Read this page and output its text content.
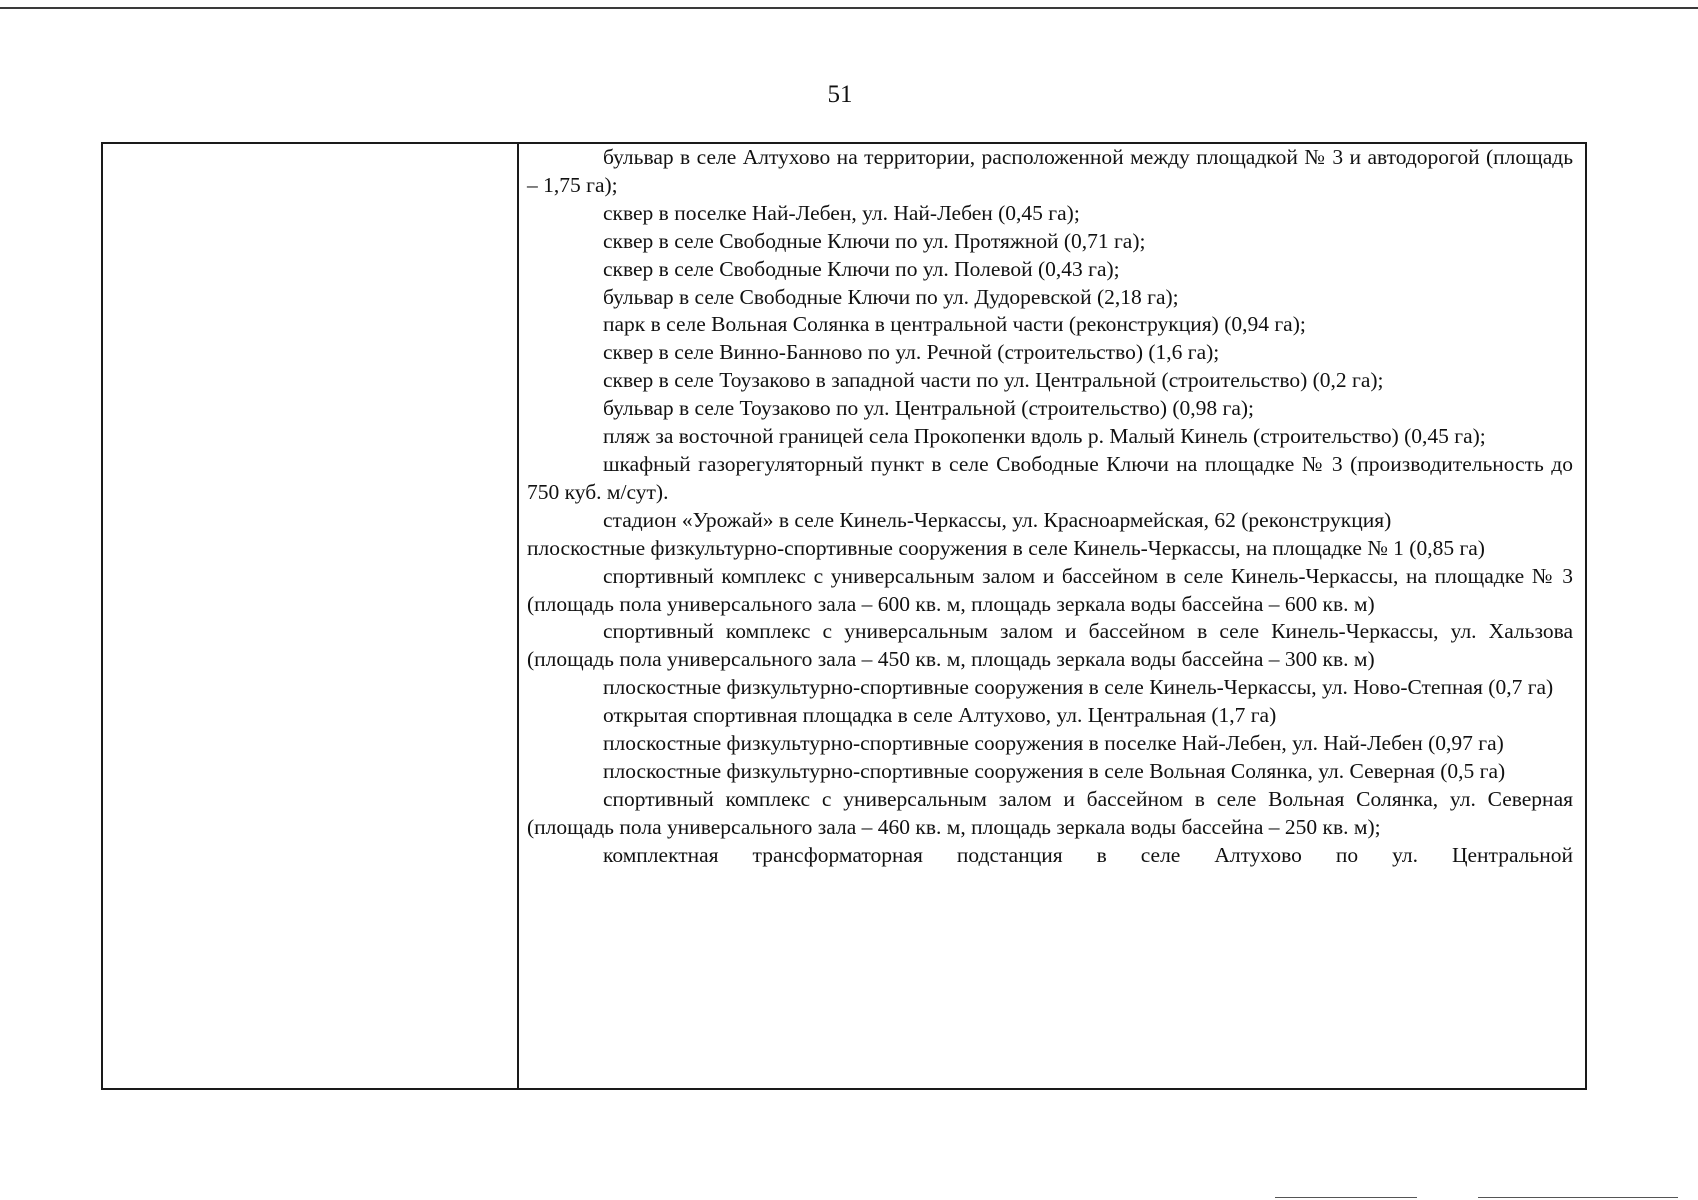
51

бульвар в селе Алтухово на территории, расположенной между площадкой № 3 и автодорогой (площадь – 1,75 га);

сквер в поселке Най-Лебен, ул. Най-Лебен (0,45 га);

сквер в селе Свободные Ключи по ул. Протяжной (0,71 га);

сквер в селе Свободные Ключи по ул. Полевой (0,43 га);

бульвар в селе Свободные Ключи по ул. Дудоревской (2,18 га);

парк в селе Вольная Солянка в центральной части (реконструкция) (0,94 га);

сквер в селе Винно-Банново по ул. Речной (строительство) (1,6 га);

сквер в селе Тоузаково в западной части по ул. Центральной (строительство) (0,2 га);

бульвар в селе Тоузаково по ул. Центральной (строительство) (0,98 га);

пляж за восточной границей села Прокопенки вдоль р. Малый Кинель (строительство) (0,45 га);

шкафный газорегуляторный пункт в селе Свободные Ключи на площадке № 3 (производительность до 750 куб. м/сут).

стадион «Урожай» в селе Кинель-Черкассы, ул. Красноармейская, 62 (реконструкция)

плоскостные физкультурно-спортивные сооружения в селе Кинель-Черкассы, на площадке № 1 (0,85 га)

спортивный комплекс с универсальным залом и бассейном в селе Кинель-Черкассы, на площадке № 3 (площадь пола универсального зала – 600 кв. м, площадь зеркала воды бассейна – 600 кв. м)

спортивный комплекс с универсальным залом и бассейном в селе Кинель-Черкассы, ул. Хальзова (площадь пола универсального зала – 450 кв. м, площадь зеркала воды бассейна – 300 кв. м)

плоскостные физкультурно-спортивные сооружения в селе Кинель-Черкассы, ул. Ново-Степная (0,7 га)

открытая спортивная площадка в селе Алтухово, ул. Центральная (1,7 га)

плоскостные физкультурно-спортивные сооружения в поселке Най-Лебен, ул. Най-Лебен (0,97 га)

плоскостные физкультурно-спортивные сооружения в селе Вольная Солянка, ул. Северная (0,5 га)

спортивный комплекс с универсальным залом и бассейном в селе Вольная Солянка, ул. Северная (площадь пола универсального зала – 460 кв. м, площадь зеркала воды бассейна – 250 кв. м);

комплектная трансформаторная подстанция в селе Алтухово по ул. Центральной
